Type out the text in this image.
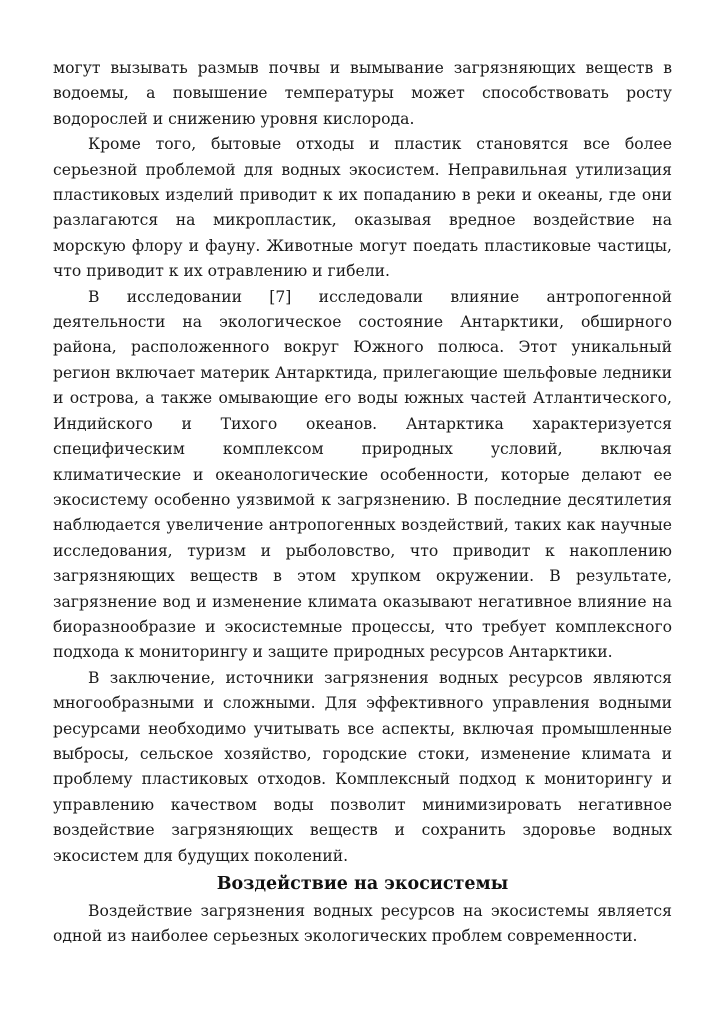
могут вызывать размыв почвы и вымывание загрязняющих веществ в водоемы, а повышение температуры может способствовать росту водорослей и снижению уровня кислорода.

Кроме того, бытовые отходы и пластик становятся все более серьезной проблемой для водных экосистем. Неправильная утилизация пластиковых изделий приводит к их попаданию в реки и океаны, где они разлагаются на микропластик, оказывая вредное воздействие на морскую флору и фауну. Животные могут поедать пластиковые частицы, что приводит к их отравлению и гибели.

В исследовании [7] исследовали влияние антропогенной деятельности на экологическое состояние Антарктики, обширного района, расположенного вокруг Южного полюса. Этот уникальный регион включает материк Антарктида, прилегающие шельфовые ледники и острова, а также омывающие его воды южных частей Атлантического, Индийского и Тихого океанов. Антарктика характеризуется специфическим комплексом природных условий, включая климатические и океанологические особенности, которые делают ее экосистему особенно уязвимой к загрязнению. В последние десятилетия наблюдается увеличение антропогенных воздействий, таких как научные исследования, туризм и рыболовство, что приводит к накоплению загрязняющих веществ в этом хрупком окружении. В результате, загрязнение вод и изменение климата оказывают негативное влияние на биоразнообразие и экосистемные процессы, что требует комплексного подхода к мониторингу и защите природных ресурсов Антарктики.

В заключение, источники загрязнения водных ресурсов являются многообразными и сложными. Для эффективного управления водными ресурсами необходимо учитывать все аспекты, включая промышленные выбросы, сельское хозяйство, городские стоки, изменение климата и проблему пластиковых отходов. Комплексный подход к мониторингу и управлению качеством воды позволит минимизировать негативное воздействие загрязняющих веществ и сохранить здоровье водных экосистем для будущих поколений.

Воздействие на экосистемы

Воздействие загрязнения водных ресурсов на экосистемы является одной из наиболее серьезных экологических проблем современности.
